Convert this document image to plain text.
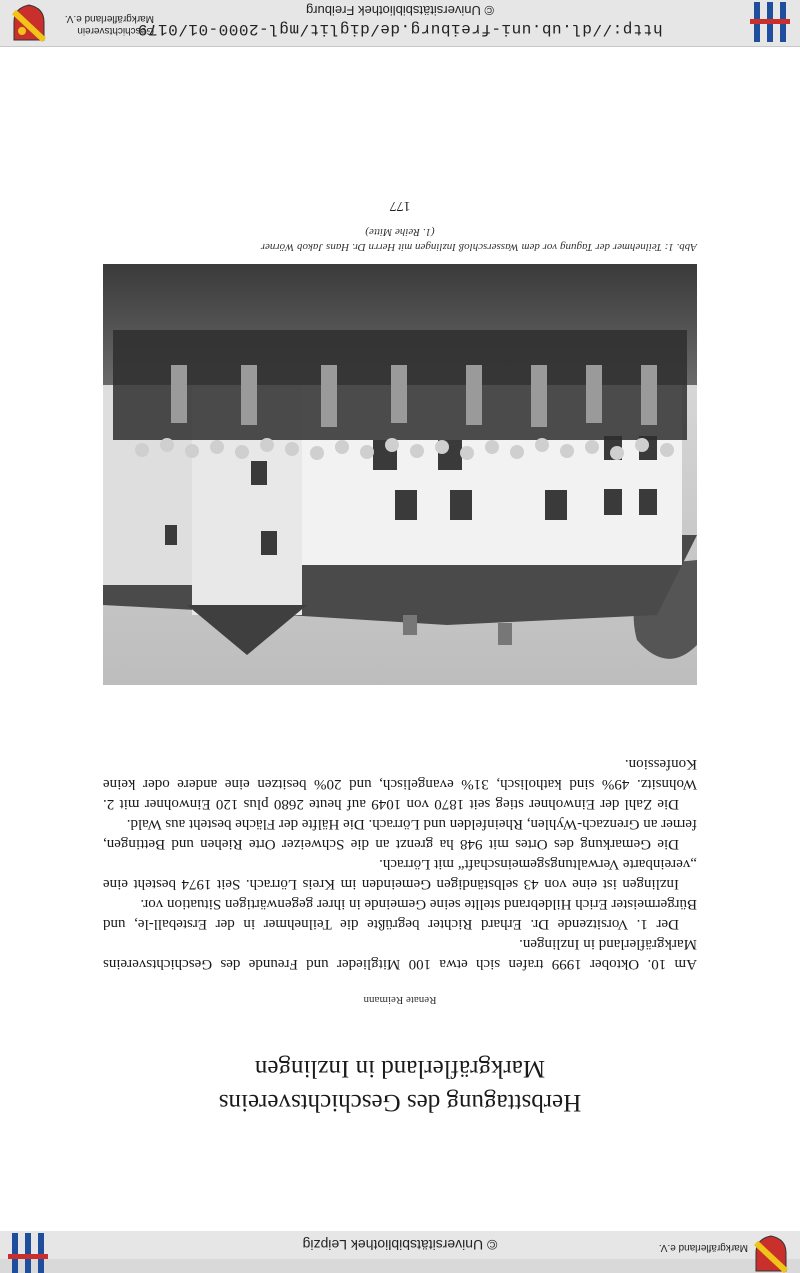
Markgräflerland e.V.
© Universitätsbibliothek Leipzig
Herbsttagung des Geschichtsvereins
Markgräflerland in Inzlingen
Renate Reimann

Am 10. Oktober 1999 trafen sich etwa 100 Mitglieder und Freunde des Geschichtsvereins Markgräflerland in Inzlingen.

Der 1. Vorsitzende Dr. Erhard Richter begrüßte die Teilnehmer in der Ersteball-le, und Bürgermeister Erich Hildebrand stellte seine Gemeinde in ihrer gegenwärtigen Situation vor.

Inzlingen ist eine von 43 selbständigen Gemeinden im Kreis Lörrach. Seit 1974 besteht eine „vereinbarte Verwaltungsgemeinschaft“ mit Lörrach.

Die Gemarkung des Ortes mit 948 ha grenzt an die Schweizer Orte Riehen und Bettingen, ferner an Grenzach-Wyhlen, Rheinfelden und Lörrach. Die Hälfte der Fläche besteht aus Wald.

Die Zahl der Einwohner stieg seit 1870 von 1049 auf heute 2680 plus 120 Einwohner mit 2. Wohnsitz. 49% sind katholisch, 31% evangelisch, und 20% besitzen eine andere oder keine Konfession.

Abb. 1: Teilnehmer der Tagung vor dem Wasserschloß Inzlingen mit Herrn Dr. Hans Jakob Wörner
(1. Reihe Mitte)
177
http://dl.ub.uni-freiburg.de/diglit/mgl-2000-01/0179
© Universitätsbibliothek Freiburg
Geschichtsverein
Markgräflerland e.V.
